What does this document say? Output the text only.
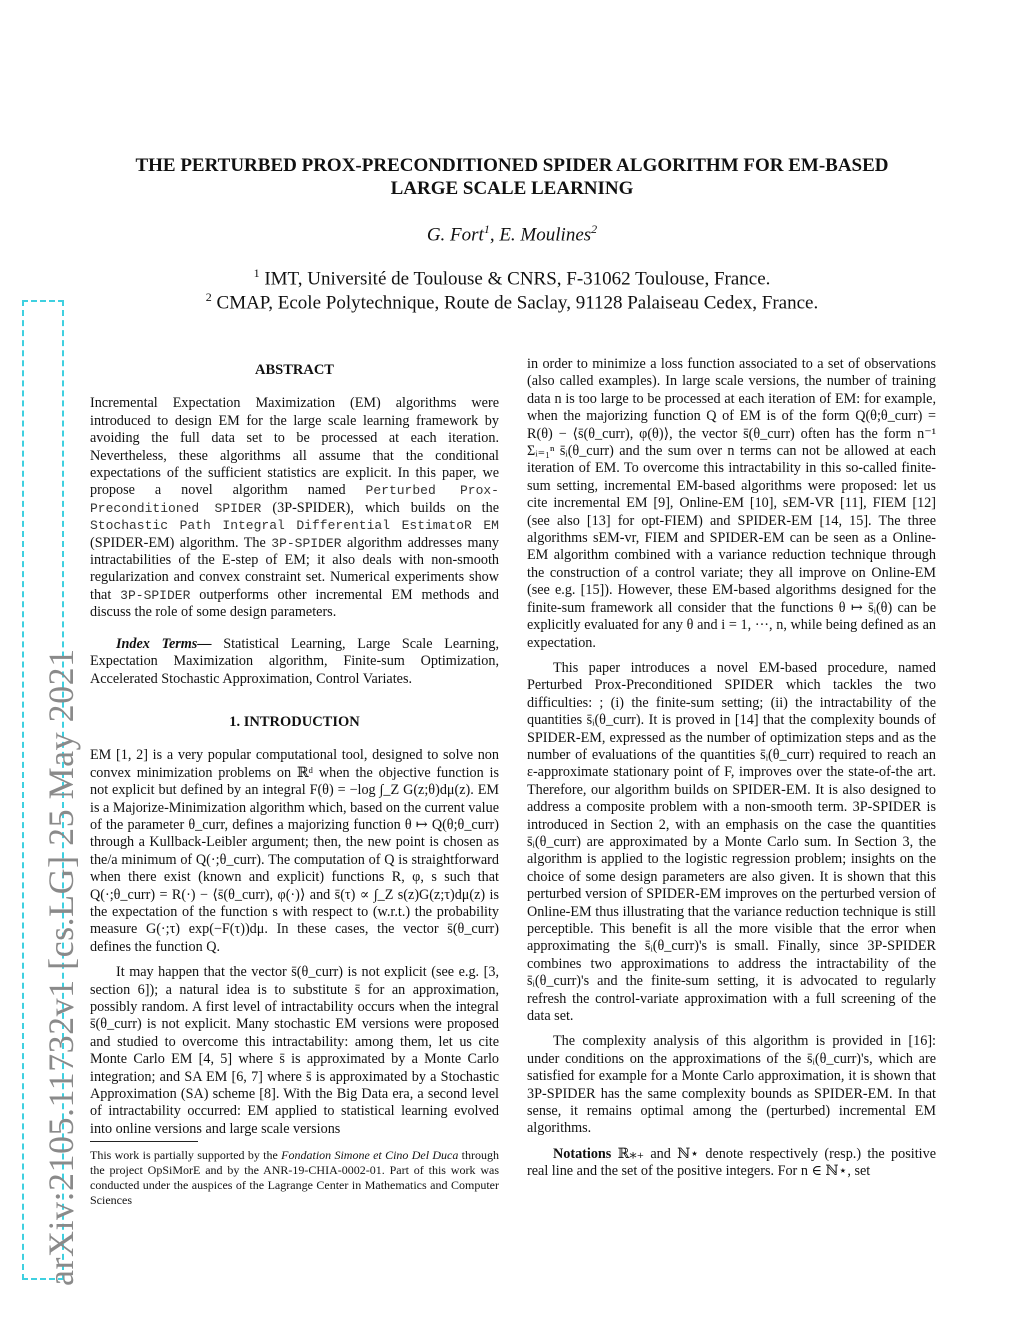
arXiv:2105.11732v1 [cs.LG] 25 May 2021
THE PERTURBED PROX-PRECONDITIONED SPIDER ALGORITHM FOR EM-BASED LARGE SCALE LEARNING
G. Fort$^1$, E. Moulines$^2$
$^1$ IMT, Université de Toulouse & CNRS, F-31062 Toulouse, France.
$^2$ CMAP, Ecole Polytechnique, Route de Saclay, 91128 Palaiseau Cedex, France.
ABSTRACT

Incremental Expectation Maximization (EM) algorithms were introduced to design EM for the large scale learning framework by avoiding the full data set to be processed at each iteration. Nevertheless, these algorithms all assume that the conditional expectations of the sufficient statistics are explicit. In this paper, we propose a novel algorithm named Perturbed Prox-Preconditioned SPIDER (3P-SPIDER), which builds on the Stochastic Path Integral Differential EstimatoR EM (SPIDER-EM) algorithm. The 3P-SPIDER algorithm addresses many intractabilities of the E-step of EM; it also deals with non-smooth regularization and convex constraint set. Numerical experiments show that 3P-SPIDER outperforms other incremental EM methods and discuss the role of some design parameters.

Index Terms— Statistical Learning, Large Scale Learning, Expectation Maximization algorithm, Finite-sum Optimization, Accelerated Stochastic Approximation, Control Variates.

1. INTRODUCTION

EM [1, 2] is a very popular computational tool, designed to solve non convex minimization problems on ℝᵈ when the objective function is not explicit but defined by an integral F(θ) = −log ∫_Z G(z;θ)dμ(z). EM is a Majorize-Minimization algorithm which, based on the current value of the parameter θ_curr, defines a majorizing function θ ↦ Q(θ;θ_curr) through a Kullback-Leibler argument; then, the new point is chosen as the/a minimum of Q(·;θ_curr). The computation of Q is straightforward when there exist (known and explicit) functions R, φ, s such that Q(·;θ_curr) = R(·) − ⟨s̄(θ_curr), φ(·)⟩ and s̄(τ) ∝ ∫_Z s(z)G(z;τ)dμ(z) is the expectation of the function s with respect to (w.r.t.) the probability measure G(·;τ) exp(−F(τ))dμ. In these cases, the vector s̄(θ_curr) defines the function Q.

It may happen that the vector s̄(θ_curr) is not explicit (see e.g. [3, section 6]); a natural idea is to substitute s̄ for an approximation, possibly random. A first level of intractability occurs when the integral s̄(θ_curr) is not explicit. Many stochastic EM versions were proposed and studied to overcome this intractability: among them, let us cite Monte Carlo EM [4, 5] where s̄ is approximated by a Monte Carlo integration; and SA EM [6, 7] where s̄ is approximated by a Stochastic Approximation (SA) scheme [8]. With the Big Data era, a second level of intractability occurred: EM applied to statistical learning evolved into online versions and large scale versions

This work is partially supported by the Fondation Simone et Cino Del Duca through the project OpSiMorE and by the ANR-19-CHIA-0002-01. Part of this work was conducted under the auspices of the Lagrange Center in Mathematics and Computer Sciences

in order to minimize a loss function associated to a set of observations (also called examples). In large scale versions, the number of training data n is too large to be processed at each iteration of EM: for example, when the majorizing function Q of EM is of the form Q(θ;θ_curr) = R(θ) − ⟨s̄(θ_curr), φ(θ)⟩, the vector s̄(θ_curr) often has the form n⁻¹ Σᵢ₌₁ⁿ s̄ᵢ(θ_curr) and the sum over n terms can not be allowed at each iteration of EM. To overcome this intractability in this so-called finite-sum setting, incremental EM-based algorithms were proposed: let us cite incremental EM [9], Online-EM [10], sEM-VR [11], FIEM [12] (see also [13] for opt-FIEM) and SPIDER-EM [14, 15]. The three algorithms sEM-vr, FIEM and SPIDER-EM can be seen as a Online-EM algorithm combined with a variance reduction technique through the construction of a control variate; they all improve on Online-EM (see e.g. [15]). However, these EM-based algorithms designed for the finite-sum framework all consider that the functions θ ↦ s̄ᵢ(θ) can be explicitly evaluated for any θ and i = 1, ···, n, while being defined as an expectation.

This paper introduces a novel EM-based procedure, named Perturbed Prox-Preconditioned SPIDER which tackles the two difficulties: ; (i) the finite-sum setting; (ii) the intractability of the quantities s̄ᵢ(θ_curr). It is proved in [14] that the complexity bounds of SPIDER-EM, expressed as the number of optimization steps and as the number of evaluations of the quantities s̄ᵢ(θ_curr) required to reach an ε-approximate stationary point of F, improves over the state-of-the art. Therefore, our algorithm builds on SPIDER-EM. It is also designed to address a composite problem with a non-smooth term. 3P-SPIDER is introduced in Section 2, with an emphasis on the case the quantities s̄ᵢ(θ_curr) are approximated by a Monte Carlo sum. In Section 3, the algorithm is applied to the logistic regression problem; insights on the choice of some design parameters are also given. It is shown that this perturbed version of SPIDER-EM improves on the perturbed version of Online-EM thus illustrating that the variance reduction technique is still perceptible. This benefit is all the more visible that the error when approximating the s̄ᵢ(θ_curr)'s is small. Finally, since 3P-SPIDER combines two approximations to address the intractability of the s̄ᵢ(θ_curr)'s and the finite-sum setting, it is advocated to regularly refresh the control-variate approximation with a full screening of the data set.

The complexity analysis of this algorithm is provided in [16]: under conditions on the approximations of the s̄ᵢ(θ_curr)'s, which are satisfied for example for a Monte Carlo approximation, it is shown that 3P-SPIDER has the same complexity bounds as SPIDER-EM. In that sense, it remains optimal among the (perturbed) incremental EM algorithms.

Notations ℝ⁎₊ and ℕ⋆ denote respectively (resp.) the positive real line and the set of the positive integers. For n ∈ ℕ⋆, set
